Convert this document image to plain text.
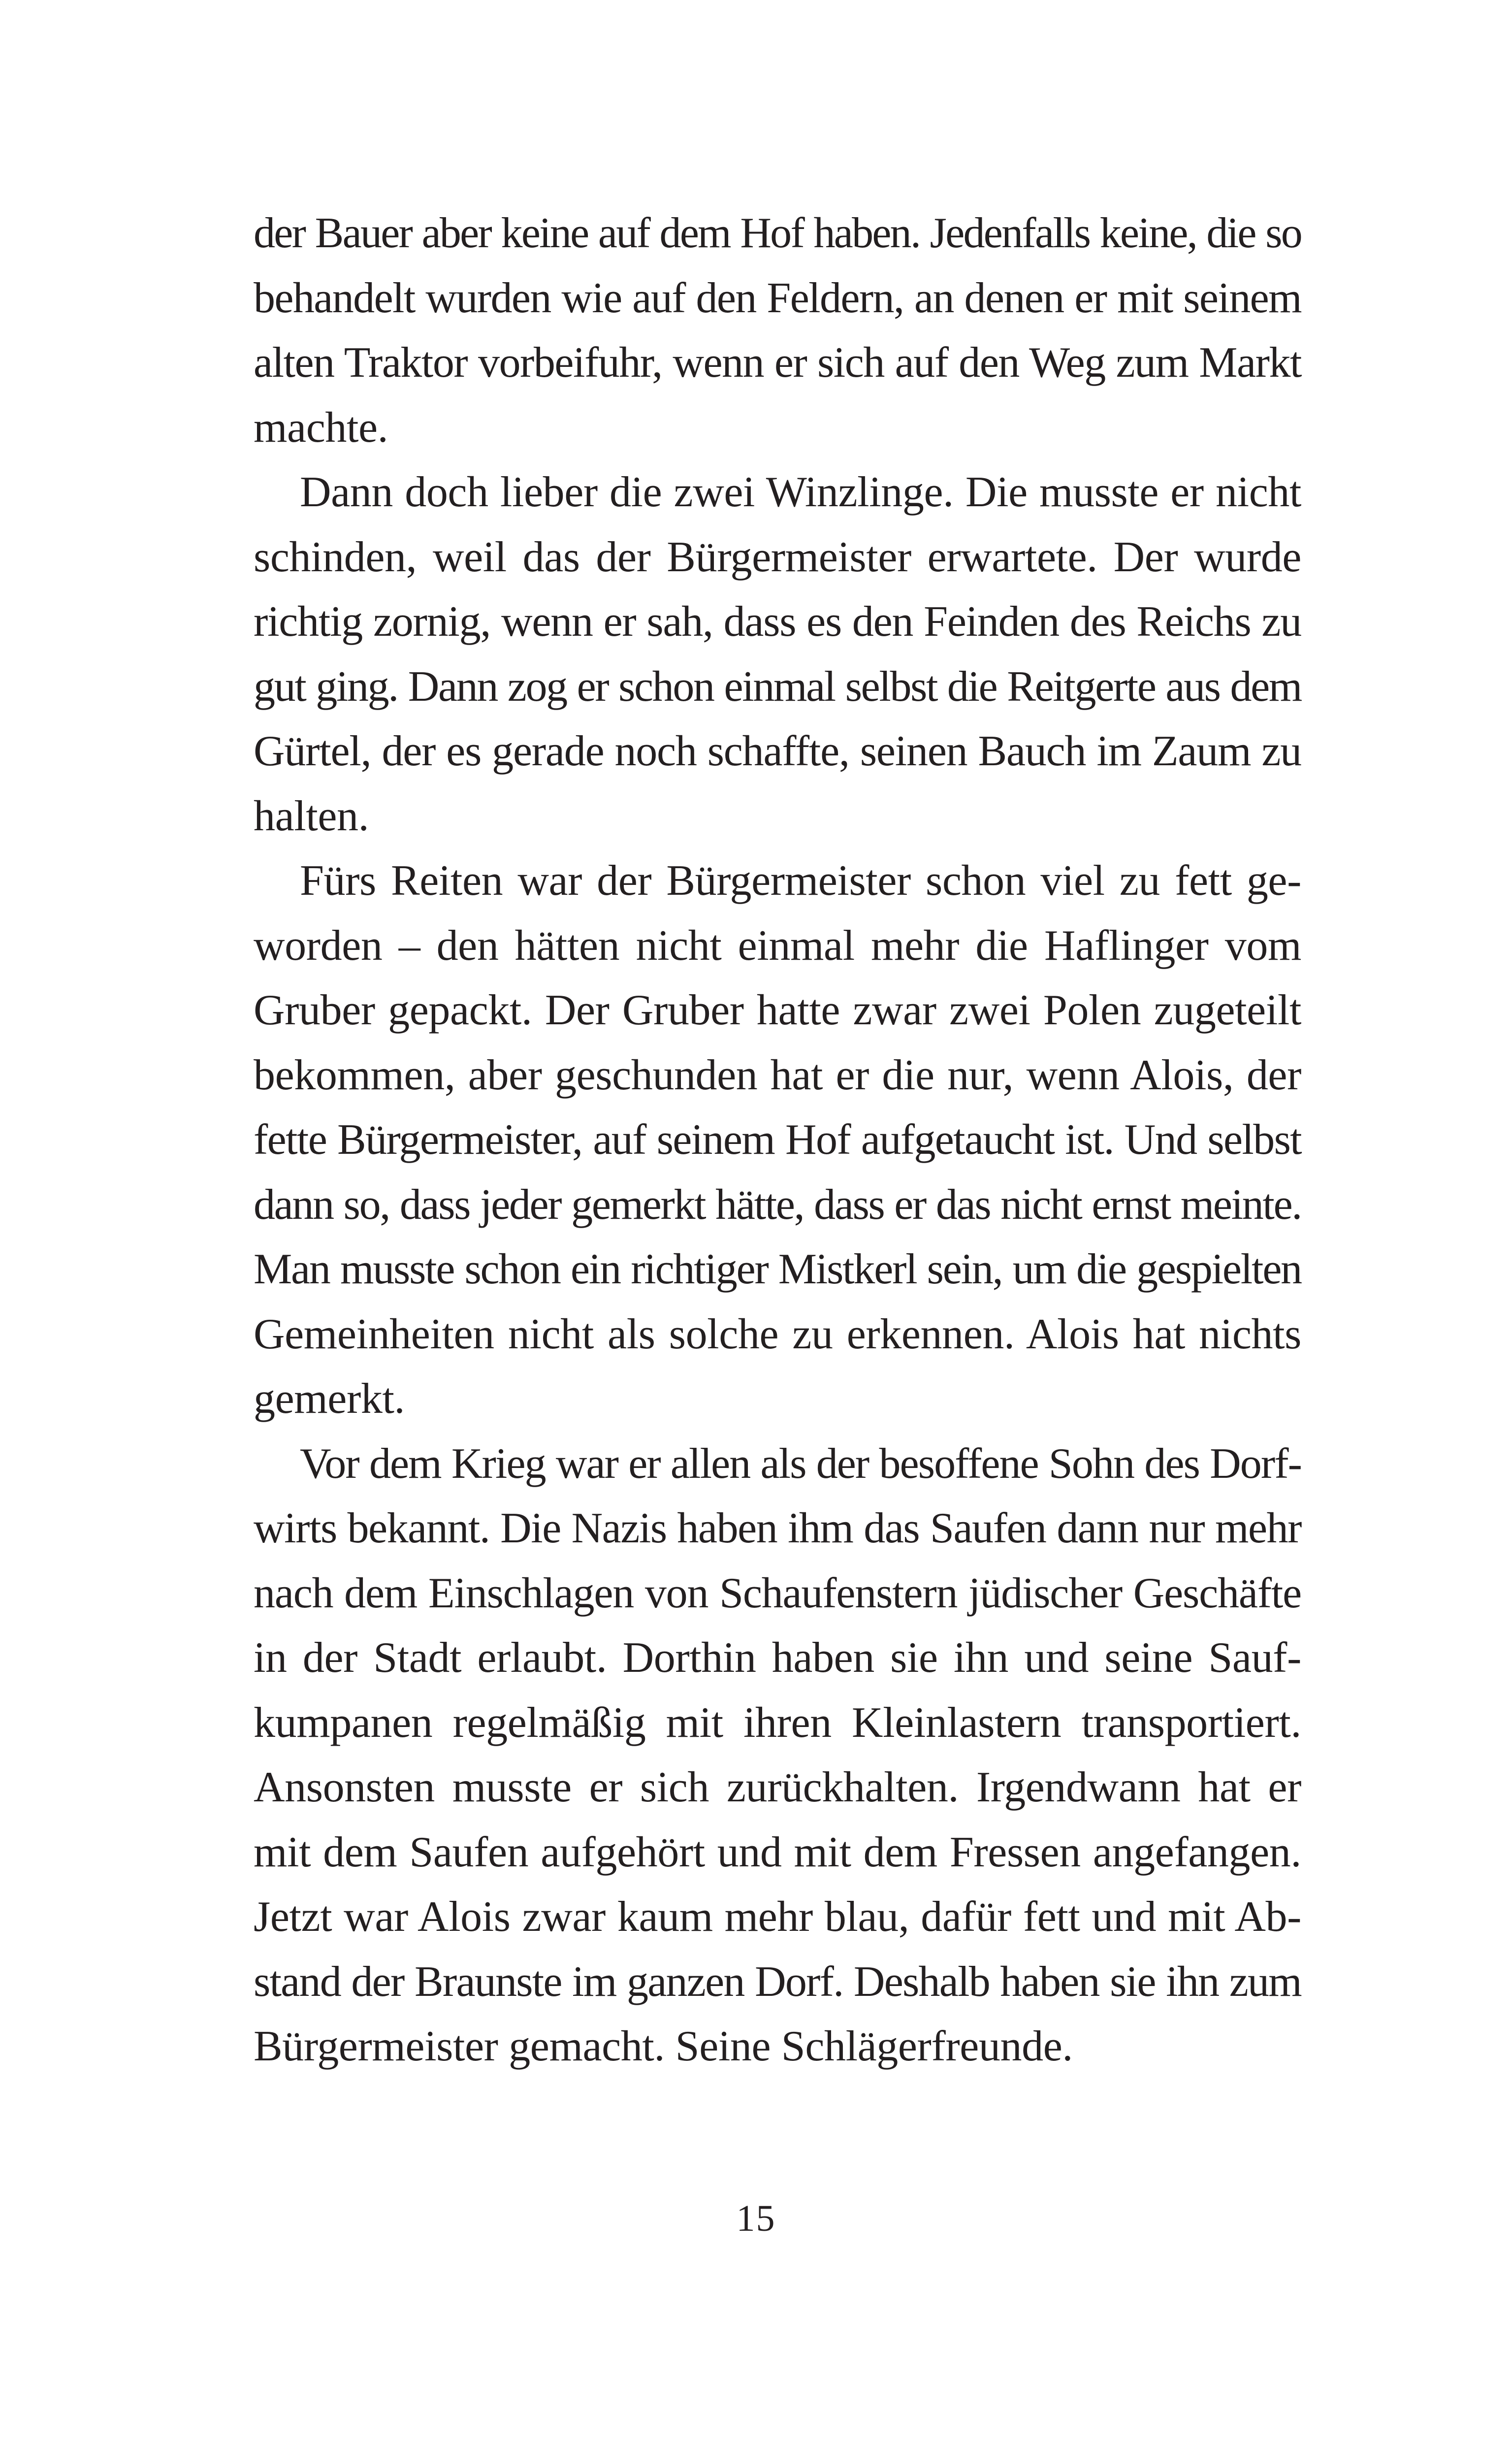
der Bauer aber keine auf dem Hof haben. Jedenfalls keine, die so
behandelt wurden wie auf den Feldern, an denen er mit seinem
alten Traktor vorbeifuhr, wenn er sich auf den Weg zum Markt
machte.
Dann doch lieber die zwei Winzlinge. Die musste er nicht
schinden, weil das der Bürgermeister erwartete. Der wurde
richtig zornig, wenn er sah, dass es den Feinden des Reichs zu
gut ging. Dann zog er schon einmal selbst die Reitgerte aus dem
Gürtel, der es gerade noch schaffte, seinen Bauch im Zaum zu
halten.
Fürs Reiten war der Bürgermeister schon viel zu fett ge-
worden – den hätten nicht einmal mehr die Haflinger vom
Gruber gepackt. Der Gruber hatte zwar zwei Polen zugeteilt
bekommen, aber geschunden hat er die nur, wenn Alois, der
fette Bürgermeister, auf seinem Hof aufgetaucht ist. Und selbst
dann so, dass jeder gemerkt hätte, dass er das nicht ernst meinte.
Man musste schon ein richtiger Mistkerl sein, um die gespielten
Gemeinheiten nicht als solche zu erkennen. Alois hat nichts
gemerkt.
Vor dem Krieg war er allen als der besoffene Sohn des Dorf-
wirts bekannt. Die Nazis haben ihm das Saufen dann nur mehr
nach dem Einschlagen von Schaufenstern jüdischer Geschäfte
in der Stadt erlaubt. Dorthin haben sie ihn und seine Sauf-
kumpanen regelmäßig mit ihren Kleinlastern transportiert.
Ansonsten musste er sich zurückhalten. Irgendwann hat er
mit dem Saufen aufgehört und mit dem Fressen angefangen.
Jetzt war Alois zwar kaum mehr blau, dafür fett und mit Ab-
stand der Braunste im ganzen Dorf. Deshalb haben sie ihn zum
Bürgermeister gemacht. Seine Schlägerfreunde.
15
